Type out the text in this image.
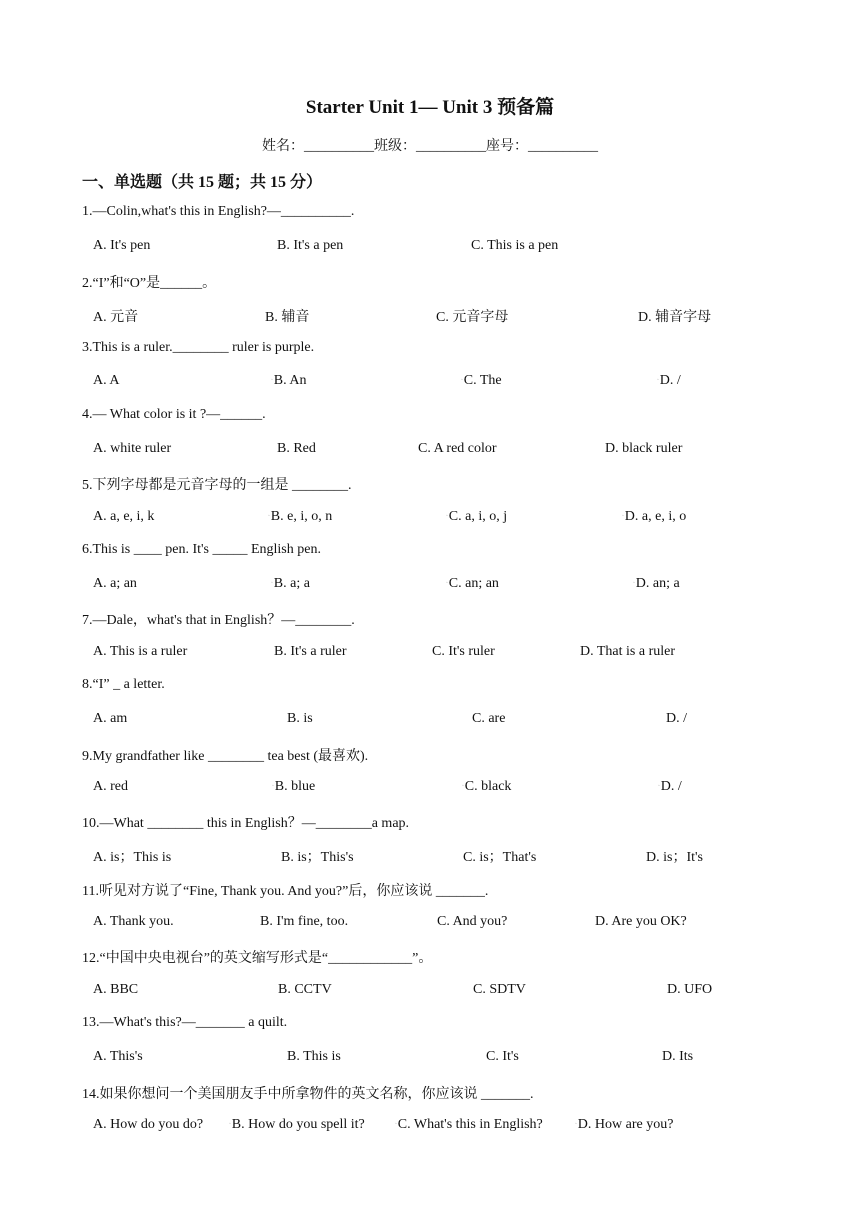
Starter Unit 1— Unit 3 预备篇
姓名：__________班级：__________座号：__________
一、单选题（共 15 题；共 15 分）
1.—Colin,what's this in English?—__________.
A. It's pen	B. It's a pen	C. This is a pen
2.“I”和“O”是______。
A. 元音	B. 辅音	C. 元音字母	D. 辅音字母
3.This is a ruler.________ ruler is purple.
A. A	◦B. An	◦C. The	◦D. /
4.— What color is it ?—______.
A. white ruler	B. Red	C. A red color	D. black ruler
5.下列字母都是元音字母的一组是 ________.
A. a, e, i, k	◦B. e, i, o, n	◦C. a, i, o, j	◦D. a, e, i, o
6.This is ____ pen. It's _____ English pen.
A. a; an	◦B. a; a	◦C. an; an	◦D. an; a
7.—Dale，what's that in English？—________.
A. This is a ruler	B. It's a ruler	C. It's ruler	D. That is a ruler
8.“I” _ a letter.
A. am	B. is	C. are	D. /
9.My grandfather like ________ tea best (最喜欢).
A. red	◦B. blue	◦C. black	◦D. /
10.—What ________ this in English？—________a map.
A. is；This is	B. is；This's	C. is；That's	D. is；It's
11.听见对方说了“Fine, Thank you. And you?”后，你应该说 _______.
A. Thank you.	B. I'm fine, too.	C. And you?	D. Are you OK?
12.“中国中央电视台”的英文缩写形式是“____________”。
A. BBC	B. CCTV	C. SDTV	D. UFO
13.—What's this?—_______ a quilt.
A. This's	B. This is	C. It's	D. Its
14.如果你想问一个美国朋友手中所拿物件的英文名称，你应该说 _______.
A. How do you do?	◦B. How do you spell it?	◦C. What's this in English?	◦D. How are you?
